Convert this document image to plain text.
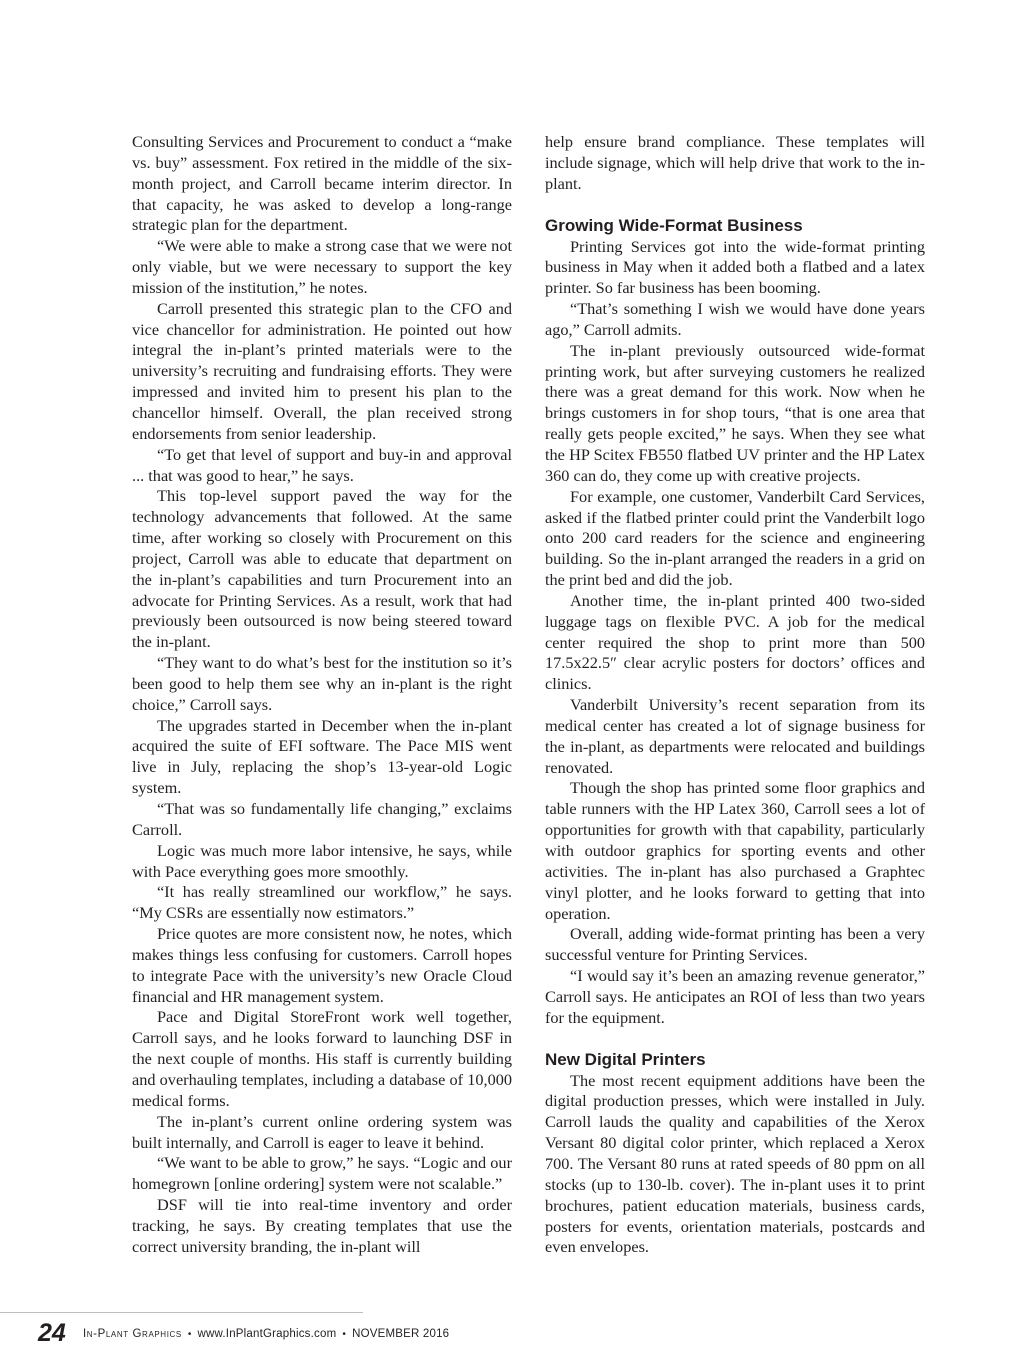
Consulting Services and Procurement to conduct a “make vs. buy” assessment. Fox retired in the middle of the six-month project, and Carroll became interim director. In that capacity, he was asked to develop a long-range strategic plan for the department.

“We were able to make a strong case that we were not only viable, but we were necessary to support the key mission of the institution,” he notes.

Carroll presented this strategic plan to the CFO and vice chancellor for administration. He pointed out how integral the in-plant’s printed materials were to the university’s recruiting and fundraising efforts. They were impressed and invited him to present his plan to the chancellor himself. Overall, the plan received strong endorsements from senior leadership.

“To get that level of support and buy-in and approval ... that was good to hear,” he says.

This top-level support paved the way for the technology advancements that followed. At the same time, after working so closely with Procurement on this project, Carroll was able to educate that department on the in-plant’s capabilities and turn Procurement into an advocate for Printing Services. As a result, work that had previously been outsourced is now being steered toward the in-plant.

“They want to do what’s best for the institution so it’s been good to help them see why an in-plant is the right choice,” Carroll says.

The upgrades started in December when the in-plant acquired the suite of EFI software. The Pace MIS went live in July, replacing the shop’s 13-year-old Logic system.

“That was so fundamentally life changing,” exclaims Carroll.

Logic was much more labor intensive, he says, while with Pace everything goes more smoothly.

“It has really streamlined our workflow,” he says. “My CSRs are essentially now estimators.”

Price quotes are more consistent now, he notes, which makes things less confusing for customers. Carroll hopes to integrate Pace with the university’s new Oracle Cloud financial and HR management system.

Pace and Digital StoreFront work well together, Carroll says, and he looks forward to launching DSF in the next couple of months. His staff is currently building and overhauling templates, including a database of 10,000 medical forms.

The in-plant’s current online ordering system was built internally, and Carroll is eager to leave it behind.

“We want to be able to grow,” he says. “Logic and our homegrown [online ordering] system were not scalable.”

DSF will tie into real-time inventory and order tracking, he says. By creating templates that use the correct university branding, the in-plant will

help ensure brand compliance. These templates will include signage, which will help drive that work to the in-plant.

Growing Wide-Format Business

Printing Services got into the wide-format printing business in May when it added both a flatbed and a latex printer. So far business has been booming.

“That’s something I wish we would have done years ago,” Carroll admits.

The in-plant previously outsourced wide-format printing work, but after surveying customers he realized there was a great demand for this work. Now when he brings customers in for shop tours, “that is one area that really gets people excited,” he says. When they see what the HP Scitex FB550 flatbed UV printer and the HP Latex 360 can do, they come up with creative projects.

For example, one customer, Vanderbilt Card Services, asked if the flatbed printer could print the Vanderbilt logo onto 200 card readers for the science and engineering building. So the in-plant arranged the readers in a grid on the print bed and did the job.

Another time, the in-plant printed 400 two-sided luggage tags on flexible PVC. A job for the medical center required the shop to print more than 500 17.5x22.5″ clear acrylic posters for doctors’ offices and clinics.

Vanderbilt University’s recent separation from its medical center has created a lot of signage business for the in-plant, as departments were relocated and buildings renovated.

Though the shop has printed some floor graphics and table runners with the HP Latex 360, Carroll sees a lot of opportunities for growth with that capability, particularly with outdoor graphics for sporting events and other activities. The in-plant has also purchased a Graphtec vinyl plotter, and he looks forward to getting that into operation.

Overall, adding wide-format printing has been a very successful venture for Printing Services.

“I would say it’s been an amazing revenue generator,” Carroll says. He anticipates an ROI of less than two years for the equipment.

New Digital Printers

The most recent equipment additions have been the digital production presses, which were installed in July. Carroll lauds the quality and capabilities of the Xerox Versant 80 digital color printer, which replaced a Xerox 700. The Versant 80 runs at rated speeds of 80 ppm on all stocks (up to 130-lb. cover). The in-plant uses it to print brochures, patient education materials, business cards, posters for events, orientation materials, postcards and even envelopes.

24 In-Plant Graphics • www.InPlantGraphics.com • NOVEMBER 2016
